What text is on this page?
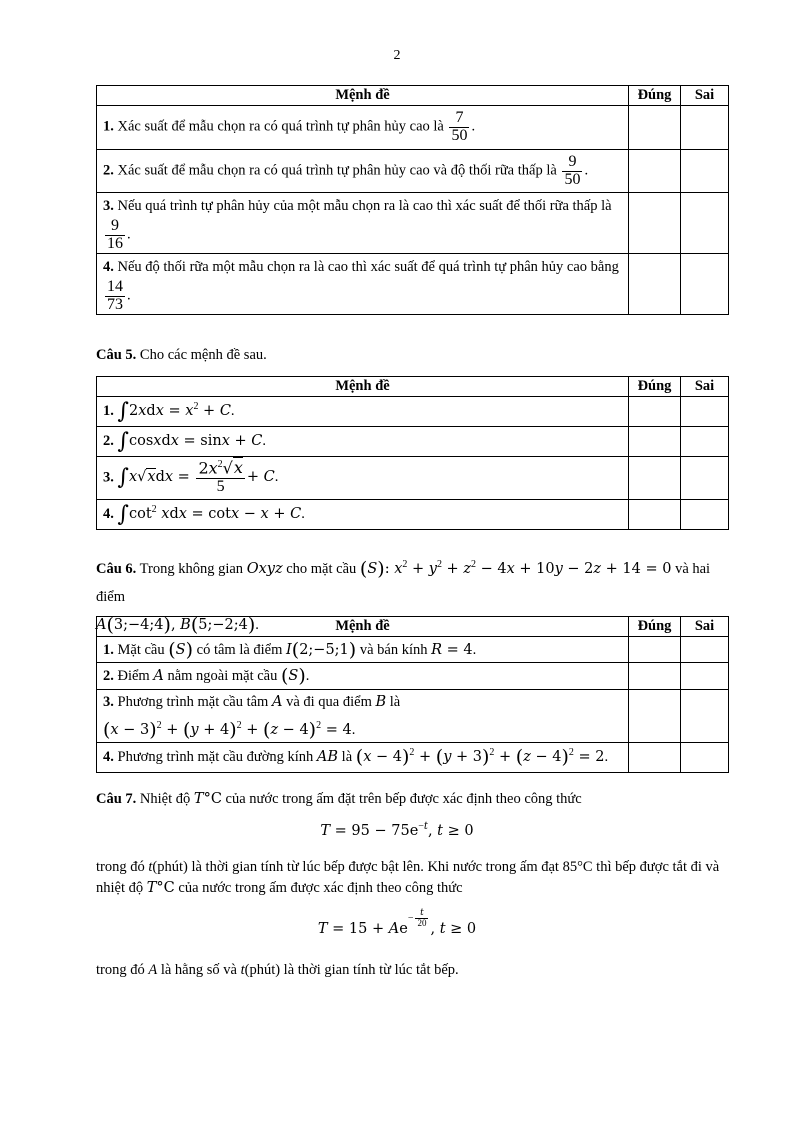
2
Mệnh đề	Đúng	Sai
1. Xác suất để mẫu chọn ra có quá trình tự phân hủy cao là $\frac{7}{50}$ .		
2. Xác suất để mẫu chọn ra có quá trình tự phân hủy cao và độ thối rữa thấp là $\frac{9}{50}$ .		
3. Nếu quá trình tự phân hủy của một mẫu chọn ra là cao thì xác suất để thối rữa thấp là
$\frac{9}{16}$ .		
4. Nếu độ thối rữa một mẫu chọn ra là cao thì xác suất để quá trình tự phân hủy cao bằng
$\frac{14}{73}$ .		
Câu 5. Cho các mệnh đề sau.
Mệnh đề	Đúng	Sai
1. $\int 2xdx = x^2 + C$.		
2. ∫cosxdx = sinx + C.		
3. $\int x√xdx = \frac{2x^2√x}{5} + C$.		
4. $\int\cot^2$ xdx = cotx − x + C.		
Câu 6. Trong không gian Oxyz cho mặt cầu (S): $x^2 + y^2 + z^2 - 4x + 10y - 2z + 14 = 0$ và hai điểm
A(3;−4;4), B(5;−2;4).	Mệnh đề	Đúng	Sai
1. Mặt cầu (S) có tâm là điểm I(2;−5;1) và bán kính R = 4.		
2. Điểm A nằm ngoài mặt cầu (S).		
3. Phương trình mặt cầu tâm A và đi qua điểm B là
$(x - 3)^2 + (y + 4)^2 + (z - 4)^2 = 4$.		
4. Phương trình mặt cầu đường kính AB là $(x - 4)^2 + (y + 3)^2 + (z - 4)^2 = 2$.		
Câu 7. Nhiệt độ T°C của nước trong ấm đặt trên bếp được xác định theo công thức
$T = 95 - 75e^{-t}$, t ≥ 0
trong đó t(phút) là thời gian tính từ lúc bếp được bật lên. Khi nước trong ấm đạt 85°C thì bếp được tắt đi và nhiệt độ T°C của nước trong ấm được xác định theo công thức
$T = 15 + Ae^{- \frac{t}{20}}$
, t ≥ 0
trong đó A là hằng số và t(phút) là thời gian tính từ lúc tắt bếp.
